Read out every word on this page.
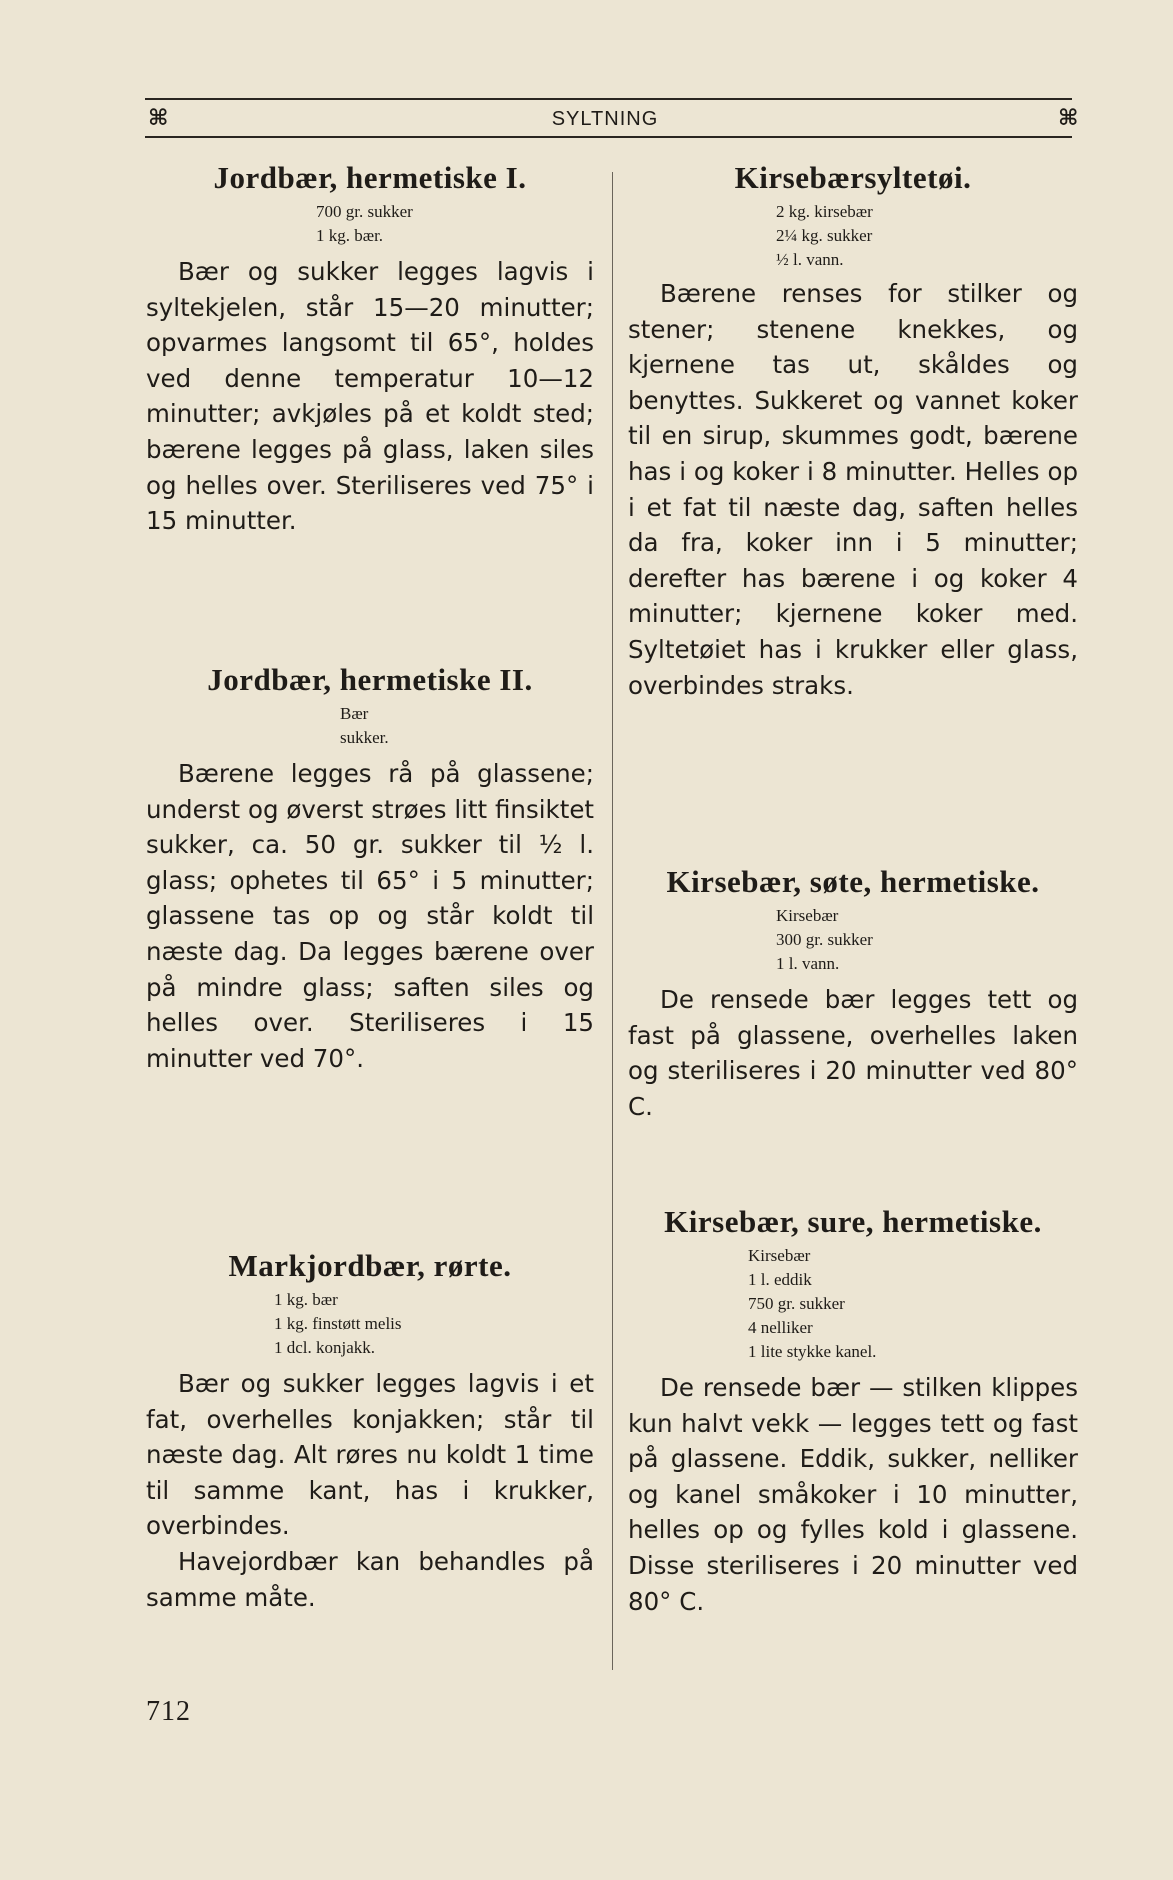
⌘	SYLTNING	⌘
Jordbær, hermetiske I.
700 gr. sukker
1 kg. bær.

Bær og sukker legges lagvis i syltekjelen, står 15—20 minutter; opvarmes langsomt til 65°, holdes ved denne temperatur 10—12 minutter; avkjøles på et koldt sted; bærene legges på glass, laken siles og helles over. Steriliseres ved 75° i 15 minutter.

Jordbær, hermetiske II.
Bær
sukker.

Bærene legges rå på glassene; underst og øverst strøes litt finsiktet sukker, ca. 50 gr. sukker til ½ l. glass; ophetes til 65° i 5 minutter; glassene tas op og står koldt til næste dag. Da legges bærene over på mindre glass; saften siles og helles over. Steriliseres i 15 minutter ved 70°.

Markjordbær, rørte.
1 kg. bær
1 kg. finstøtt melis
1 dcl. konjakk.

Bær og sukker legges lagvis i et fat, overhelles konjakken; står til næste dag. Alt røres nu koldt 1 time til samme kant, has i krukker, overbindes.

Havejordbær kan behandles på samme måte.

Kirsebærsyltetøi.
2 kg. kirsebær
2¼ kg. sukker
½ l. vann.

Bærene renses for stilker og stener; stenene knekkes, og kjernene tas ut, skåldes og benyttes. Sukkeret og vannet koker til en sirup, skummes godt, bærene has i og koker i 8 minutter. Helles op i et fat til næste dag, saften helles da fra, koker inn i 5 minutter; derefter has bærene i og koker 4 minutter; kjernene koker med. Syltetøiet has i krukker eller glass, overbindes straks.

Kirsebær, søte, hermetiske.
Kirsebær
300 gr. sukker
1 l. vann.

De rensede bær legges tett og fast på glassene, overhelles laken og steriliseres i 20 minutter ved 80° C.

Kirsebær, sure, hermetiske.
Kirsebær
1 l. eddik
750 gr. sukker
4 nelliker
1 lite stykke kanel.

De rensede bær — stilken klippes kun halvt vekk — legges tett og fast på glassene. Eddik, sukker, nelliker og kanel småkoker i 10 minutter, helles op og fylles kold i glassene. Disse steriliseres i 20 minutter ved 80° C.

712
